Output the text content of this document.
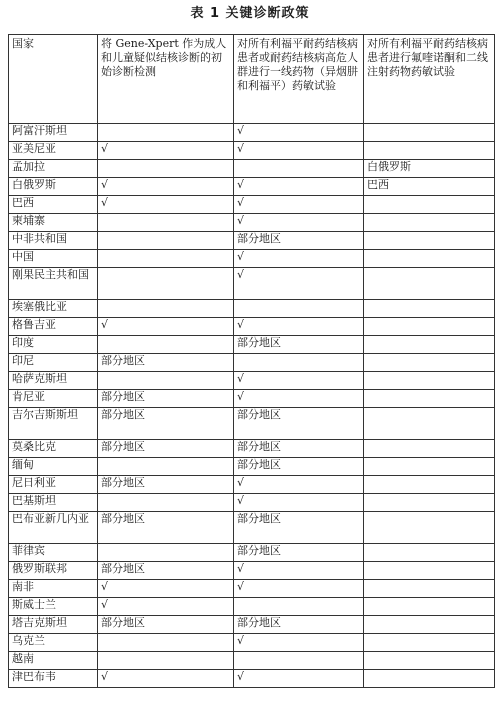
表 1 关键诊断政策
国家	将 Gene-Xpert 作为成人和儿童疑似结核诊断的初始诊断检测	对所有利福平耐药结核病患者或耐药结核病高危人群进行一线药物（异烟肼和利福平）药敏试验	对所有利福平耐药结核病患者进行氟喹诺酮和二线注射药物药敏试验
阿富汗斯坦		√	
亚美尼亚	√	√	
孟加拉			白俄罗斯
白俄罗斯	√	√	巴西
巴西	√	√	
柬埔寨		√	
中非共和国		部分地区	
中国		√	
刚果民主共和国		√	
埃塞俄比亚			
格鲁吉亚	√	√	
印度		部分地区	
印尼	部分地区		
哈萨克斯坦		√	
肯尼亚	部分地区	√	
吉尔吉斯斯坦	部分地区	部分地区	
莫桑比克	部分地区	部分地区	
缅甸		部分地区	
尼日利亚	部分地区	√	
巴基斯坦		√	
巴布亚新几内亚	部分地区	部分地区	
菲律宾		部分地区	
俄罗斯联邦	部分地区	√	
南非	√	√	
斯威士兰	√		
塔吉克斯坦	部分地区	部分地区	
乌克兰		√	
越南			
津巴布韦	√	√	
